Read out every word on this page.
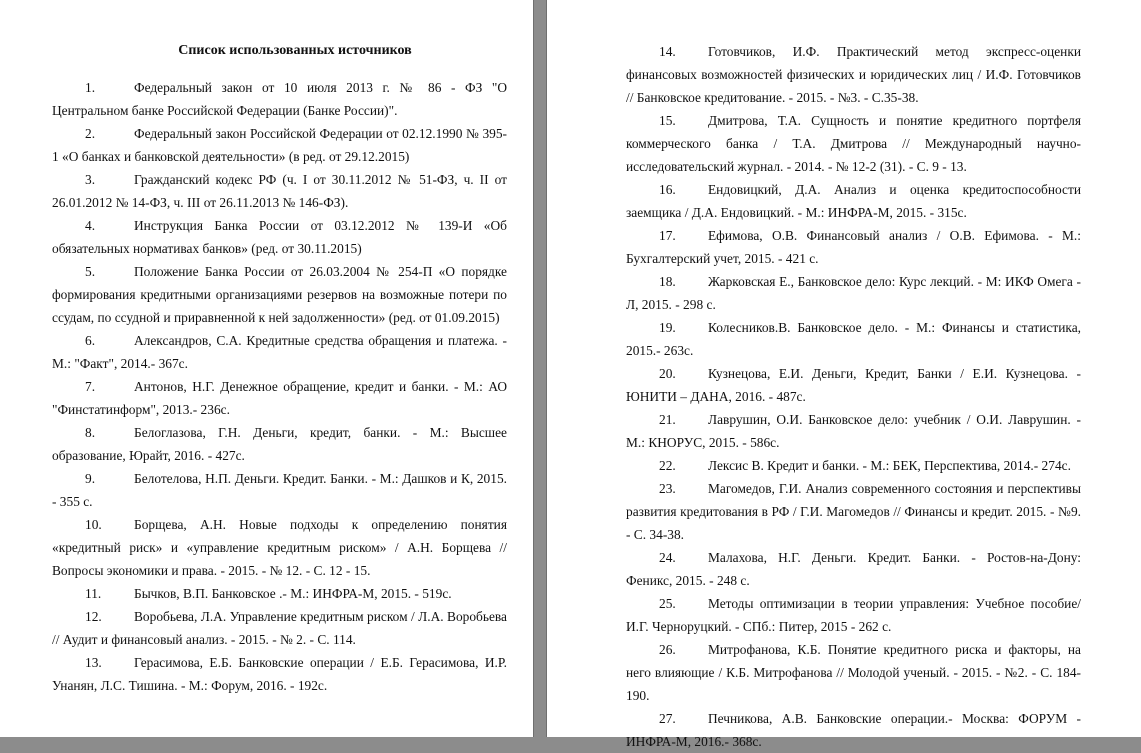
Список использованных источников

1.	Федеральный закон от 10 июля 2013 г. № 86 - ФЗ "О Центральном банке Российской Федерации (Банке России)".

2.	Федеральный закон Российской Федерации от 02.12.1990 № 395-1 «О банках и банковской деятельности» (в ред. от 29.12.2015)

3.	Гражданский кодекс РФ (ч. I от 30.11.2012 № 51-ФЗ, ч. II от 26.01.2012 № 14-ФЗ, ч. III от 26.11.2013 № 146-ФЗ).

4.	Инструкция Банка России от 03.12.2012 № 139-И «Об обязательных нормативах банков» (ред. от 30.11.2015)

5.	Положение Банка России от 26.03.2004 № 254-П «О порядке формирования кредитными организациями резервов на возможные потери по ссудам, по ссудной и приравненной к ней задолженности» (ред. от 01.09.2015)

6.	Александров, С.А. Кредитные средства обращения и платежа. - М.: "Факт", 2014.- 367с.

7.	Антонов, Н.Г. Денежное обращение, кредит и банки. - М.: АО "Финстатинформ", 2013.- 236с.

8.	Белоглазова, Г.Н. Деньги, кредит, банки. - М.: Высшее образование, Юрайт, 2016. - 427с.

9.	Белотелова, Н.П. Деньги. Кредит. Банки. - М.: Дашков и К, 2015. - 355 с.

10. Борщева, А.Н. Новые подходы к определению понятия «кредитный риск» и «управление кредитным риском» / А.Н. Борщева // Вопросы экономики и права. - 2015. - № 12. - С. 12 - 15.

11. Бычков, В.П. Банковское .- М.: ИНФРА-М, 2015. - 519с.

12. Воробьева, Л.А. Управление кредитным риском / Л.А. Воробьева // Аудит и финансовый анализ. - 2015. - № 2. - С. 114.

13. Герасимова, Е.Б. Банковские операции / Е.Б. Герасимова, И.Р. Унанян, Л.С. Тишина. - М.: Форум, 2016. - 192с.

14. Готовчиков, И.Ф. Практический метод экспресс-оценки финансовых возможностей физических и юридических лиц / И.Ф. Готовчиков // Банковское кредитование. - 2015. - №3. - С.35-38.

15. Дмитрова, Т.А. Сущность и понятие кредитного портфеля коммерческого банка / Т.А. Дмитрова // Международный научно-исследовательский журнал. - 2014. - № 12-2 (31). - С. 9 - 13.

16. Ендовицкий, Д.А. Анализ и оценка кредитоспособности заемщика / Д.А. Ендовицкий. - М.: ИНФРА-М, 2015. - 315с.

17. Ефимова, О.В. Финансовый анализ / О.В. Ефимова. - М.: Бухгалтерский учет, 2015. - 421 с.

18. Жарковская Е., Банковское дело: Курс лекций. - М: ИКФ Омега - Л, 2015. - 298 с.

19. Колесников.В. Банковское дело. - М.: Финансы и статистика, 2015.- 263с.

20. Кузнецова, Е.И. Деньги, Кредит, Банки / Е.И. Кузнецова. - ЮНИТИ – ДАНА, 2016. - 487с.

21. Лаврушин, О.И. Банковское дело: учебник / О.И. Лаврушин. - М.: КНОРУС, 2015. - 586с.

22. Лексис В. Кредит и банки. - М.: БЕК, Перспектива, 2014.- 274с.

23. Магомедов, Г.И. Анализ современного состояния и перспективы развития кредитования в РФ / Г.И. Магомедов // Финансы и кредит. 2015. - №9. - С. 34-38.

24. Малахова, Н.Г. Деньги. Кредит. Банки. - Ростов-на-Дону: Феникс, 2015. - 248 с.

25. Методы оптимизации в теории управления: Учебное пособие/ И.Г. Черноруцкий. - СПб.: Питер, 2015 - 262 с.

26. Митрофанова, К.Б. Понятие кредитного риска и факторы, на него влияющие / К.Б. Митрофанова // Молодой ученый. - 2015. - №2. - С. 184-190.

27. Печникова, А.В. Банковские операции.- Москва: ФОРУМ - ИНФРА-М, 2016.- 368с.
